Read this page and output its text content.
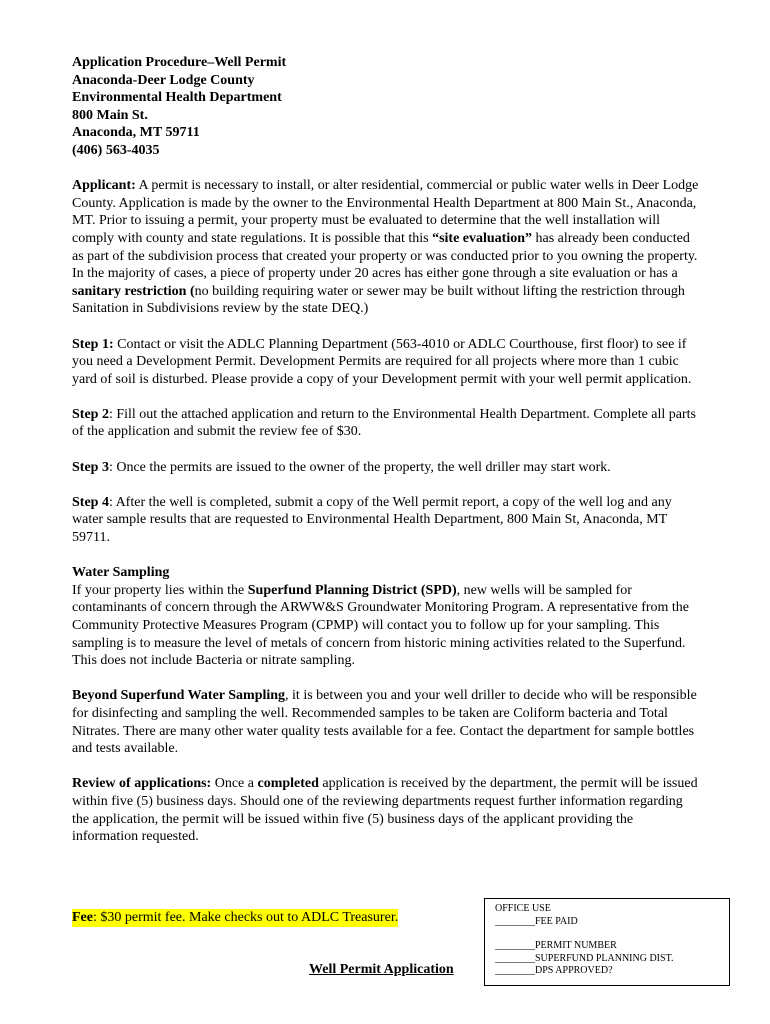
Application Procedure–Well Permit
Anaconda-Deer Lodge County
Environmental Health Department
800 Main St.
Anaconda, MT 59711
(406) 563-4035

Applicant: A permit is necessary to install, or alter residential, commercial or public water wells in Deer Lodge County. Application is made by the owner to the Environmental Health Department at 800 Main St., Anaconda, MT. Prior to issuing a permit, your property must be evaluated to determine that the well installation will comply with county and state regulations. It is possible that this “site evaluation” has already been conducted as part of the subdivision process that created your property or was conducted prior to you owning the property. In the majority of cases, a piece of property under 20 acres has either gone through a site evaluation or has a sanitary restriction (no building requiring water or sewer may be built without lifting the restriction through Sanitation in Subdivisions review by the state DEQ.)

Step 1: Contact or visit the ADLC Planning Department (563-4010 or ADLC Courthouse, first floor) to see if you need a Development Permit. Development Permits are required for all projects where more than 1 cubic yard of soil is disturbed. Please provide a copy of your Development permit with your well permit application.

Step 2: Fill out the attached application and return to the Environmental Health Department. Complete all parts of the application and submit the review fee of $30.

Step 3: Once the permits are issued to the owner of the property, the well driller may start work.

Step 4: After the well is completed, submit a copy of the Well permit report, a copy of the well log and any water sample results that are requested to Environmental Health Department, 800 Main St, Anaconda, MT 59711.

Water Sampling

If your property lies within the Superfund Planning District (SPD), new wells will be sampled for contaminants of concern through the ARWW&S Groundwater Monitoring Program. A representative from the Community Protective Measures Program (CPMP) will contact you to follow up for your sampling. This sampling is to measure the level of metals of concern from historic mining activities related to the Superfund. This does not include Bacteria or nitrate sampling.

Beyond Superfund Water Sampling, it is between you and your well driller to decide who will be responsible for disinfecting and sampling the well. Recommended samples to be taken are Coliform bacteria and Total Nitrates. There are many other water quality tests available for a fee. Contact the department for sample bottles and tests available.

Review of applications: Once a completed application is received by the department, the permit will be issued within five (5) business days. Should one of the reviewing departments request further information regarding the application, the permit will be issued within five (5) business days of the applicant providing the information requested.

Fee: $30 permit fee. Make checks out to ADLC Treasurer.
Well Permit Application
OFFICE USE
________FEE PAID
________PERMIT NUMBER
________SUPERFUND PLANNING DIST.
________DPS APPROVED?
